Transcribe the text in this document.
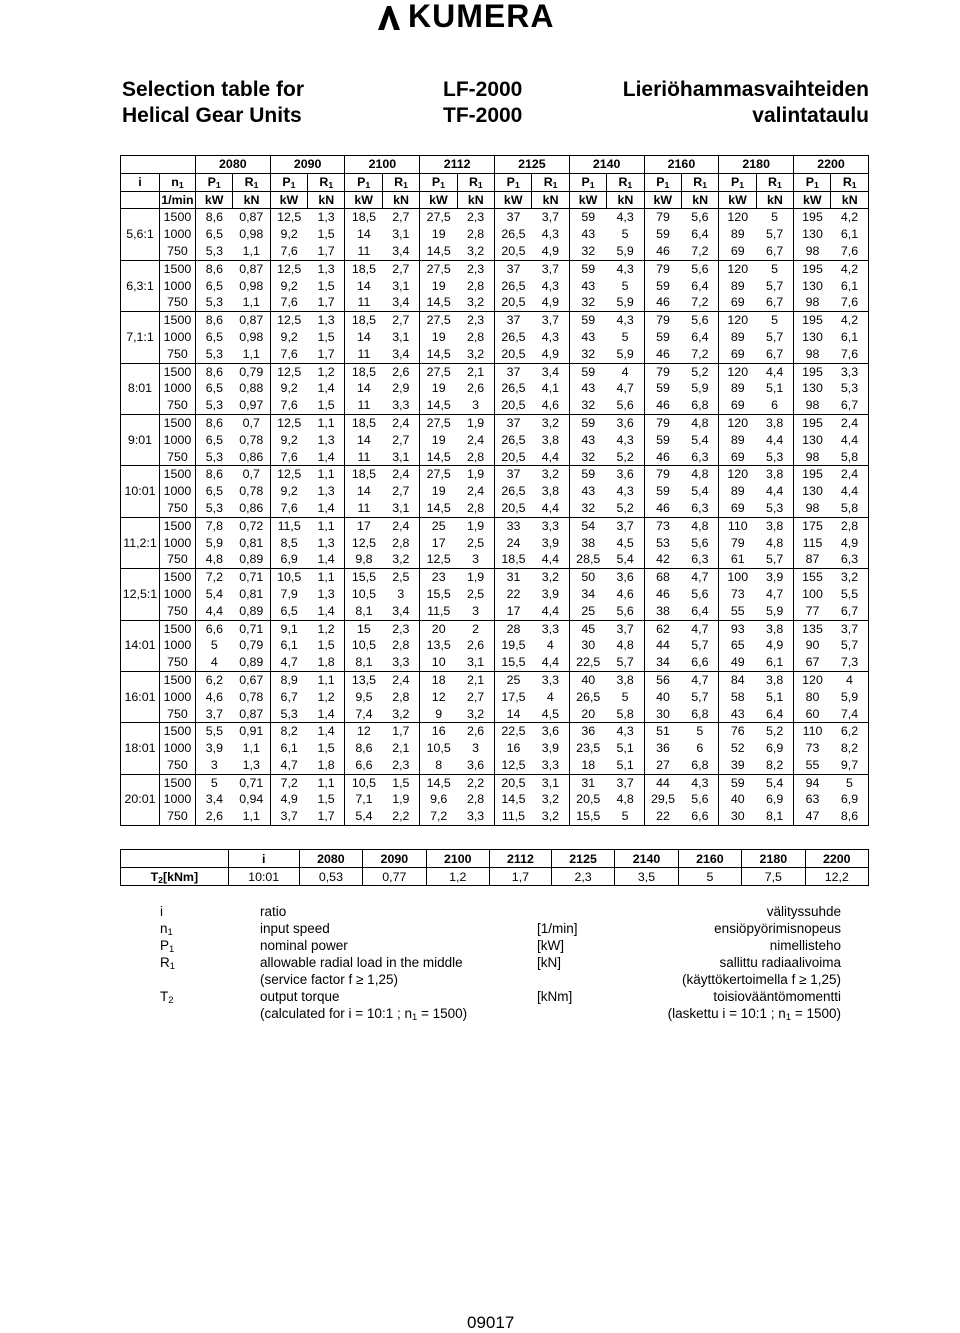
KUMERA
Selection table for
Helical Gear Units
LF-2000
TF-2000
Lieriöhammasvaihteiden
valintataulu
		2080		2090		2100		2112		2125		2140		2160		2180		2200	
i	$n_1$	$P_1$	$R_1$	$P_1$	$R_1$	$P_1$	$R_1$	$P_1$	$R_1$	$P_1$	$R_1$	$P_1$	$R_1$	$P_1$	$R_1$	$P_1$	$R_1$	$P_1$	$R_1$
	1/min	kW	kN	kW	kN	kW	kN	kW	kN	kW	kN	kW	kN	kW	kN	kW	kN	kW	kN
5,6:1	1500	8,6	0,87	12,5	1,3	18,5	2,7	27,5	2,3	37	3,7	59	4,3	79	5,6	120	5	195	4,2
	1000	6,5	0,98	9,2	1,5	14	3,1	19	2,8	26,5	4,3	43	5	59	6,4	89	5,7	130	6,1
	750	5,3	1,1	7,6	1,7	11	3,4	14,5	3,2	20,5	4,9	32	5,9	46	7,2	69	6,7	98	7,6
6,3:1	1500	8,6	0,87	12,5	1,3	18,5	2,7	27,5	2,3	37	3,7	59	4,3	79	5,6	120	5	195	4,2
	1000	6,5	0,98	9,2	1,5	14	3,1	19	2,8	26,5	4,3	43	5	59	6,4	89	5,7	130	6,1
	750	5,3	1,1	7,6	1,7	11	3,4	14,5	3,2	20,5	4,9	32	5,9	46	7,2	69	6,7	98	7,6
7,1:1	1500	8,6	0,87	12,5	1,3	18,5	2,7	27,5	2,3	37	3,7	59	4,3	79	5,6	120	5	195	4,2
	1000	6,5	0,98	9,2	1,5	14	3,1	19	2,8	26,5	4,3	43	5	59	6,4	89	5,7	130	6,1
	750	5,3	1,1	7,6	1,7	11	3,4	14,5	3,2	20,5	4,9	32	5,9	46	7,2	69	6,7	98	7,6
8:01	1500	8,6	0,79	12,5	1,2	18,5	2,6	27,5	2,1	37	3,4	59	4	79	5,2	120	4,4	195	3,3
	1000	6,5	0,88	9,2	1,4	14	2,9	19	2,6	26,5	4,1	43	4,7	59	5,9	89	5,1	130	5,3
	750	5,3	0,97	7,6	1,5	11	3,3	14,5	3	20,5	4,6	32	5,6	46	6,8	69	6	98	6,7
9:01	1500	8,6	0,7	12,5	1,1	18,5	2,4	27,5	1,9	37	3,2	59	3,6	79	4,8	120	3,8	195	2,4
	1000	6,5	0,78	9,2	1,3	14	2,7	19	2,4	26,5	3,8	43	4,3	59	5,4	89	4,4	130	4,4
	750	5,3	0,86	7,6	1,4	11	3,1	14,5	2,8	20,5	4,4	32	5,2	46	6,3	69	5,3	98	5,8
10:01	1500	8,6	0,7	12,5	1,1	18,5	2,4	27,5	1,9	37	3,2	59	3,6	79	4,8	120	3,8	195	2,4
	1000	6,5	0,78	9,2	1,3	14	2,7	19	2,4	26,5	3,8	43	4,3	59	5,4	89	4,4	130	4,4
	750	5,3	0,86	7,6	1,4	11	3,1	14,5	2,8	20,5	4,4	32	5,2	46	6,3	69	5,3	98	5,8
11,2:1	1500	7,8	0,72	11,5	1,1	17	2,4	25	1,9	33	3,3	54	3,7	73	4,8	110	3,8	175	2,8
	1000	5,9	0,81	8,5	1,3	12,5	2,8	17	2,5	24	3,9	38	4,5	53	5,6	79	4,8	115	4,9
	750	4,8	0,89	6,9	1,4	9,8	3,2	12,5	3	18,5	4,4	28,5	5,4	42	6,3	61	5,7	87	6,3
12,5:1	1500	7,2	0,71	10,5	1,1	15,5	2,5	23	1,9	31	3,2	50	3,6	68	4,7	100	3,9	155	3,2
	1000	5,4	0,81	7,9	1,3	10,5	3	15,5	2,5	22	3,9	34	4,6	46	5,6	73	4,7	100	5,5
	750	4,4	0,89	6,5	1,4	8,1	3,4	11,5	3	17	4,4	25	5,6	38	6,4	55	5,9	77	6,7
14:01	1500	6,6	0,71	9,1	1,2	15	2,3	20	2	28	3,3	45	3,7	62	4,7	93	3,8	135	3,7
	1000	5	0,79	6,1	1,5	10,5	2,8	13,5	2,6	19,5	4	30	4,8	44	5,7	65	4,9	90	5,7
	750	4	0,89	4,7	1,8	8,1	3,3	10	3,1	15,5	4,4	22,5	5,7	34	6,6	49	6,1	67	7,3
16:01	1500	6,2	0,67	8,9	1,1	13,5	2,4	18	2,1	25	3,3	40	3,8	56	4,7	84	3,8	120	4
	1000	4,6	0,78	6,7	1,2	9,5	2,8	12	2,7	17,5	4	26,5	5	40	5,7	58	5,1	80	5,9
	750	3,7	0,87	5,3	1,4	7,4	3,2	9	3,2	14	4,5	20	5,8	30	6,8	43	6,4	60	7,4
18:01	1500	5,5	0,91	8,2	1,4	12	1,7	16	2,6	22,5	3,6	36	4,3	51	5	76	5,2	110	6,2
	1000	3,9	1,1	6,1	1,5	8,6	2,1	10,5	3	16	3,9	23,5	5,1	36	6	52	6,9	73	8,2
	750	3	1,3	4,7	1,8	6,6	2,3	8	3,6	12,5	3,3	18	5,1	27	6,8	39	8,2	55	9,7
20:01	1500	5	0,71	7,2	1,1	10,5	1,5	14,5	2,2	20,5	3,1	31	3,7	44	4,3	59	5,4	94	5
	1000	3,4	0,94	4,9	1,5	7,1	1,9	9,6	2,8	14,5	3,2	20,5	4,8	29,5	5,6	40	6,9	63	6,9
	750	2,6	1,1	3,7	1,7	5,4	2,2	7,2	3,3	11,5	3,2	15,5	5	22	6,6	30	8,1	47	8,6
	i	2080	2090	2100	2112	2125	2140	2160	2180	2200
$T_2[kNm]$	10:01	0,53	0,77	1,2	1,7	2,3	3,5	5	7,5	12,2
i	ratio	välityssuhde
$n_1$	input speed	[1/min]	ensiöpyörimisnopeus
$P_1$	nominal power	[kW]	nimellisteho
$R_1$	allowable radial load in the middle	[kN]	sallittu radiaalivoima
(service factor f ≥ 1,25)	(käyttökertoimella f ≥ 1,25)
$T_2$	output torque	[kNm]	toisiovääntömomentti
(calculated for i = 10:1 ; $n_1 = 1500$)	(laskettu i = 10:1 ; $n_1 = 1500$)
09017
